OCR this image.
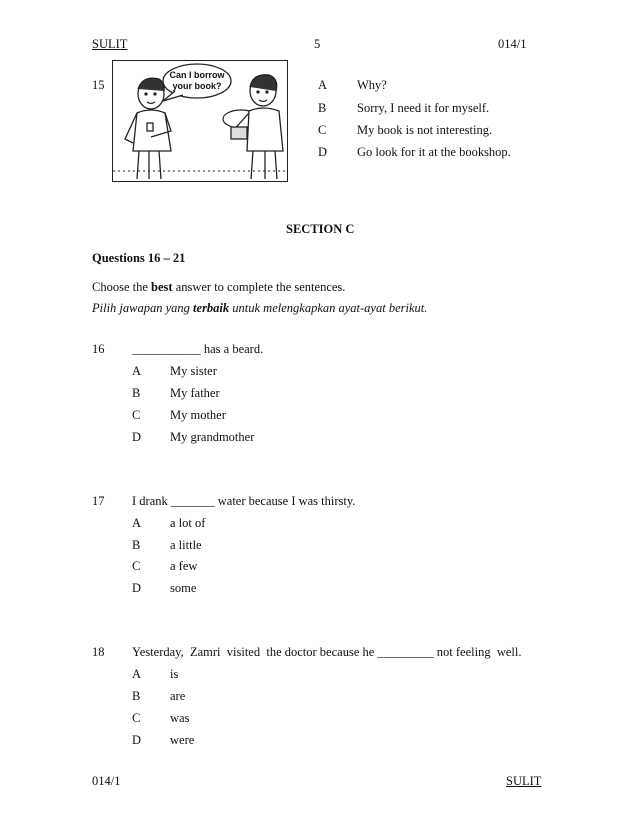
SULIT	5	014/1
15
Can I borrow
your book?	A Why?
B Sorry, I need it for myself.
C My book is not interesting.
D Go look for it at the bookshop.
SECTION C
Questions 16 – 21
Choose the best answer to complete the sentences.
Pilih jawapan yang terbaik untuk melengkapkan ayat-ayat berikut.
16 ___________ has a beard.
A My sister
B My father
C My mother
D My grandmother
17 I drank _______ water because I was thirsty.
A a lot of
B a little
C a few
D some
18 Yesterday,  Zamri  visited  the doctor because he _________ not feeling  well.
A is
B are
C was
D were
014/1	SULIT
